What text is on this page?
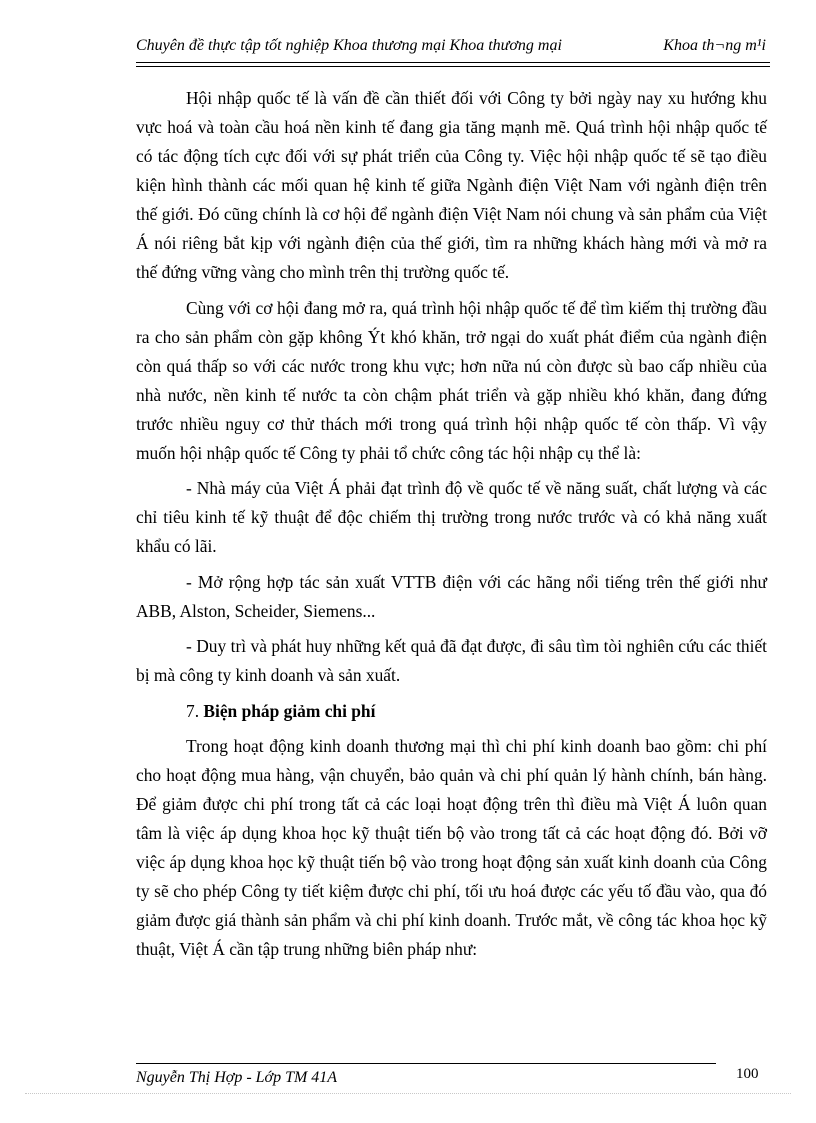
Chuyên đề thực tập tốt nghiệp Khoa thương mại Khoa thương mại	Khoa th¬ng m¹i

Hội nhập quốc tế là vấn đề cần thiết đối với Công ty bởi ngày nay xu hướng khu vực hoá và toàn cầu hoá nền kinh tế đang gia tăng mạnh mẽ. Quá trình hội nhập quốc tế có tác động tích cực đối với sự phát triển của Công ty. Việc hội nhập quốc tế sẽ tạo điều kiện hình thành các mối quan hệ kinh tế giữa Ngành điện Việt Nam với ngành điện trên thế giới. Đó cũng chính là cơ hội để ngành điện Việt Nam nói chung và sản phẩm của Việt Á nói riêng bắt kịp với ngành điện của thế giới, tìm ra những khách hàng mới và mở ra thế đứng vững vàng cho mình trên thị trường quốc tế.

Cùng với cơ hội đang mở ra, quá trình hội nhập quốc tế để tìm kiếm thị trường đầu ra cho sản phẩm còn gặp không Ýt khó khăn, trở ngại do xuất phát điểm của ngành điện còn quá thấp so với các nước trong khu vực; hơn nữa nú còn được sù bao cấp nhiều của nhà nước, nền kinh tế nước ta còn chậm phát triển và gặp nhiều khó khăn, đang đứng trước nhiều nguy cơ thử thách mới trong quá trình hội nhập quốc tế còn thấp. Vì vậy muốn hội nhập quốc tế Công ty phải tổ chức công tác hội nhập cụ thể là:

- Nhà máy của Việt Á phải đạt trình độ về quốc tế về năng suất, chất lượng và các chỉ tiêu kinh tế kỹ thuật để độc chiếm thị trường trong nước trước và có khả năng xuất khẩu có lãi.

- Mở rộng hợp tác sản xuất VTTB điện với các hãng nổi tiếng trên thế giới như ABB, Alston, Scheider, Siemens...

- Duy trì và phát huy những kết quả đã đạt được, đi sâu tìm tòi nghiên cứu các thiết bị mà công ty kinh doanh và sản xuất.

7. Biện pháp giảm chi phí

Trong hoạt động kinh doanh thương mại thì chi phí kinh doanh bao gồm: chi phí cho hoạt động mua hàng, vận chuyển, bảo quản và chi phí quản lý hành chính, bán hàng. Để giảm được chi phí trong tất cả các loại hoạt động trên thì điều mà Việt Á luôn quan tâm là việc áp dụng khoa học kỹ thuật tiến bộ vào trong tất cả các hoạt động đó. Bởi vỡ việc áp dụng khoa học kỹ thuật tiến bộ vào trong hoạt động sản xuất kinh doanh của Công ty sẽ cho phép Công ty tiết kiệm được chi phí, tối ưu hoá được các yếu tố đầu vào, qua đó giảm được giá thành sản phẩm và chi phí kinh doanh. Trước mắt, về công tác khoa học kỹ thuật, Việt Á cần tập trung những biên pháp như:

Nguyễn Thị Hợp - Lớp TM 41A	100
